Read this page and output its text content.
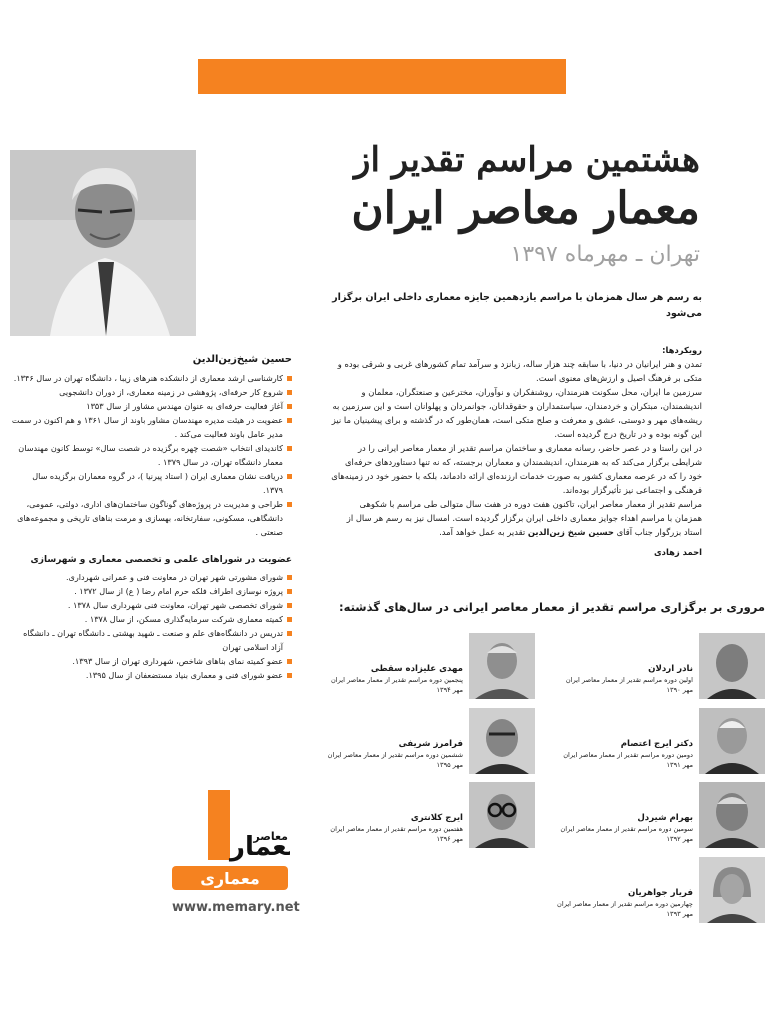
هشتمین مراسم تقدیر از
معمار معاصر ایران
تهران ـ مهرماه ۱۳۹۷
به رسم هر سال همزمان با مراسم یازدهمین جایزه معماری داخلی ایران برگزار می‌شود

رویکردها:

تمدن و هنر ایرانیان در دنیا، با سابقه چند هزار ساله، زبانزد و سرآمد تمام کشورهای غربی و شرقی بوده و متکی بر فرهنگ اصیل و ارزش‌های معنوی است.

سرزمین ما ایران، محل سکونت هنرمندان، روشنفکران و نوآوران، مخترعین و صنعتگران، معلمان و اندیشمندان، مبتکران و خردمندان، سیاستمداران و حقوقدانان، جوانمردان و پهلوانان است و این سرزمین به ریشه‌های مهر و دوستی، عشق و معرفت و صلح متکی است، همان‌طور که در گذشته و برای پیشینیان ما نیز این گونه بوده و در تاریخ درج گردیده است.

در این راستا و در عصر حاضر، رسانه معماری و ساختمان مراسم تقدیر از معمار معاصر ایرانی را در شرایطی برگزار می‌کند که به هنرمندان، اندیشمندان و معماران برجسته، که نه تنها دستاوردهای حرفه‌ای خود را که در عرصه معماری کشور به صورت خدمات ارزنده‌ای ارائه دادماند، بلکه با حضور خود در زمینه‌های فرهنگی و اجتماعی نیز تأثیرگزار بوده‌اند.

مراسم تقدیر از معمار معاصر ایران، تاکنون هفت دوره در هفت سال متوالی طی مراسم با شکوهی همزمان با مراسم اهداء جوایز معماری داخلی ایران برگزار گردیده است. امسال نیز به رسم هر سال از استاد بزرگوار جناب آقای حسین شیخ زین‌الدین تقدیر به عمل خواهد آمد.

احمد زهادی

حسین شیخ‌زین‌الدین
کارشناسی ارشد معماری از دانشکده هنرهای زیبا ، دانشگاه تهران در سال ۱۳۴۶.
شروع کار حرفه‌ای، پژوهشی در زمینه معماری، از دوران دانشجویی
آغاز فعالیت حرفه‌ای به عنوان مهندس مشاور از سال ۱۳۵۳
عضویت در هیئت مدیره مهندسان مشاور باوند از سال ۱۳۶۱ و هم اکنون در سمت مدیر عامل باوند فعالیت می‌کند .
کاندیدای انتخاب «شصت چهره برگزیده در شصت سال» توسط کانون مهندسان معمار دانشگاه تهران، در سال ۱۳۷۹ .
دریافت نشان معماری ایران ( استاد پیرنیا )، در گروه معماران برگزیده سال ۱۳۷۹.
طراحی و مدیریت در پروژه‌های گوناگون ساختمان‌های اداری، دولتی، عمومی، دانشگاهی، مسکونی، سفارتخانه، بهسازی و مرمت بناهای تاریخی و مجموعه‌های صنعتی .
عضویت در شوراهای علمی و تخصصی معماری و شهرسازی
شورای مشورتی شهر تهران در معاونت فنی و عمرانی شهرداری.
پروژه نوسازی اطراف فلکه حرم امام رضا ( ع) از سال ۱۳۷۲ .
شورای تخصصی شهر تهران، معاونت فنی شهرداری سال ۱۳۷۸ .
کمیته معماری شرکت سرمایه‌گذاری مسکن، از سال ۱۳۷۸ .
تدریس در دانشگاه‌های علم و صنعت ـ شهید بهشتی ـ دانشگاه تهران ـ دانشگاه آزاد اسلامی تهران
عضو کمیته نمای بناهای شاخص، شهرداری تهران از سال ۱۳۹۳.
عضو شورای فنی و معماری بنیاد مستضعفان از سال ۱۳۹۵.
مروری بر برگزاری مراسم تقدیر از معمار معاصر ایرانی در سال‌های گذشته:
نادر اردلان
اولین دوره مراسم تقدیر از معمار معاصر ایران
مهر ۱۳۹۰
دکتر ایرج اعتصام
دومین دوره مراسم تقدیر از معمار معاصر ایران
مهر ۱۳۹۱
بهرام شیردل
سومین دوره مراسم تقدیر از معمار معاصر ایران
مهر ۱۳۹۲
فریار جواهریان
چهارمین دوره مراسم تقدیر از معمار معاصر ایران
مهر ۱۳۹۳
مهدی علیزاده سقطی
پنجمین دوره مراسم تقدیر از معمار معاصر ایران
مهر ۱۳۹۴
فرامرز شریفی
ششمین دوره مراسم تقدیر از معمار معاصر ایران
مهر ۱۳۹۵
ایرج کلانتری
هفتمین دوره مراسم تقدیر از معمار معاصر ایران
مهر ۱۳۹۶
عمار معاصر
معماری
www.memary.net
